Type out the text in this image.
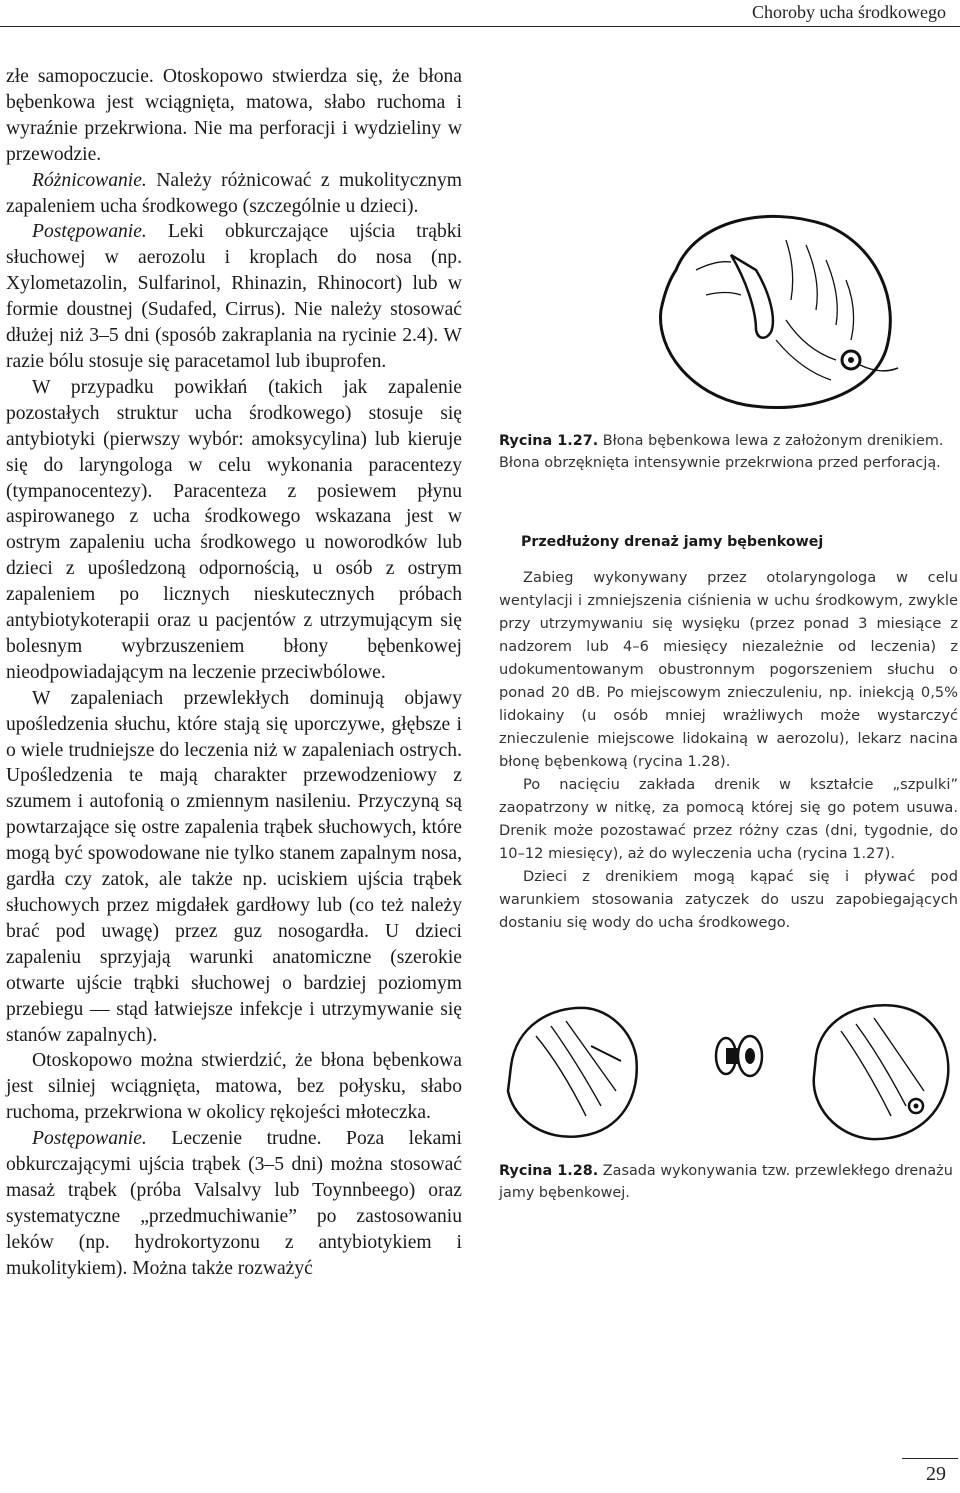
Choroby ucha środkowego

złe samopoczucie. Otoskopowo stwierdza się, że błona bębenkowa jest wciągnięta, matowa, słabo ruchoma i wyraźnie przekrwiona. Nie ma perforacji i wydzieliny w przewodzie.

Różnicowanie. Należy różnicować z mukolitycznym zapaleniem ucha środkowego (szczególnie u dzieci).

Postępowanie. Leki obkurczające ujścia trąbki słuchowej w aerozolu i kroplach do nosa (np. Xylometazolin, Sulfarinol, Rhinazin, Rhinocort) lub w formie doustnej (Sudafed, Cirrus). Nie należy stosować dłużej niż 3–5 dni (sposób zakraplania na rycinie 2.4). W razie bólu stosuje się paracetamol lub ibuprofen.

W przypadku powikłań (takich jak zapalenie pozostałych struktur ucha środkowego) stosuje się antybiotyki (pierwszy wybór: amoksycylina) lub kieruje się do laryngologa w celu wykonania paracentezy (tympanocentezy). Paracenteza z posiewem płynu aspirowanego z ucha środkowego wskazana jest w ostrym zapaleniu ucha środkowego u noworodków lub dzieci z upośledzoną odpornością, u osób z ostrym zapaleniem po licznych nieskutecznych próbach antybiotykoterapii oraz u pacjentów z utrzymującym się bolesnym wybrzuszeniem błony bębenkowej nieodpowiadającym na leczenie przeciwbólowe.

W zapaleniach przewlekłych dominują objawy upośledzenia słuchu, które stają się uporczywe, głębsze i o wiele trudniejsze do leczenia niż w zapaleniach ostrych. Upośledzenia te mają charakter przewodzeniowy z szumem i autofonią o zmiennym nasileniu. Przyczyną są powtarzające się ostre zapalenia trąbek słuchowych, które mogą być spowodowane nie tylko stanem zapalnym nosa, gardła czy zatok, ale także np. uciskiem ujścia trąbek słuchowych przez migdałek gardłowy lub (co też należy brać pod uwagę) przez guz nosogardła. U dzieci zapaleniu sprzyjają warunki anatomiczne (szerokie otwarte ujście trąbki słuchowej o bardziej poziomym przebiegu — stąd łatwiejsze infekcje i utrzymywanie się stanów zapalnych).

Otoskopowo można stwierdzić, że błona bębenkowa jest silniej wciągnięta, matowa, bez połysku, słabo ruchoma, przekrwiona w okolicy rękojeści młoteczka.

Postępowanie. Leczenie trudne. Poza lekami obkurczającymi ujścia trąbek (3–5 dni) można stosować masaż trąbek (próba Valsalvy lub Toynnbeego) oraz systematyczne „przedmuchiwanie” po zastosowaniu leków (np. hydrokortyzonu z antybiotykiem i mukolitykiem). Można także rozważyć

Rycina 1.27. Błona bębenkowa lewa z założonym drenikiem. Błona obrzęknięta intensywnie przekrwiona przed perforacją.
Przedłużony drenaż jamy bębenkowej

Zabieg wykonywany przez otolaryngologa w celu wentylacji i zmniejszenia ciśnienia w uchu środkowym, zwykle przy utrzymywaniu się wysięku (przez ponad 3 miesiące z nadzorem lub 4–6 miesięcy niezależnie od leczenia) z udokumentowanym obustronnym pogorszeniem słuchu o ponad 20 dB. Po miejscowym znieczuleniu, np. iniekcją 0,5% lidokainy (u osób mniej wrażliwych może wystarczyć znieczulenie miejscowe lidokainą w aerozolu), lekarz nacina błonę bębenkową (rycina 1.28).

Po nacięciu zakłada drenik w kształcie „szpulki” zaopatrzony w nitkę, za pomocą której się go potem usuwa. Drenik może pozostawać przez różny czas (dni, tygodnie, do 10–12 miesięcy), aż do wyleczenia ucha (rycina 1.27).

Dzieci z drenikiem mogą kąpać się i pływać pod warunkiem stosowania zatyczek do uszu zapobiegających dostaniu się wody do ucha środkowego.

Rycina 1.28. Zasada wykonywania tzw. przewlekłego drenażu jamy bębenkowej.
29
